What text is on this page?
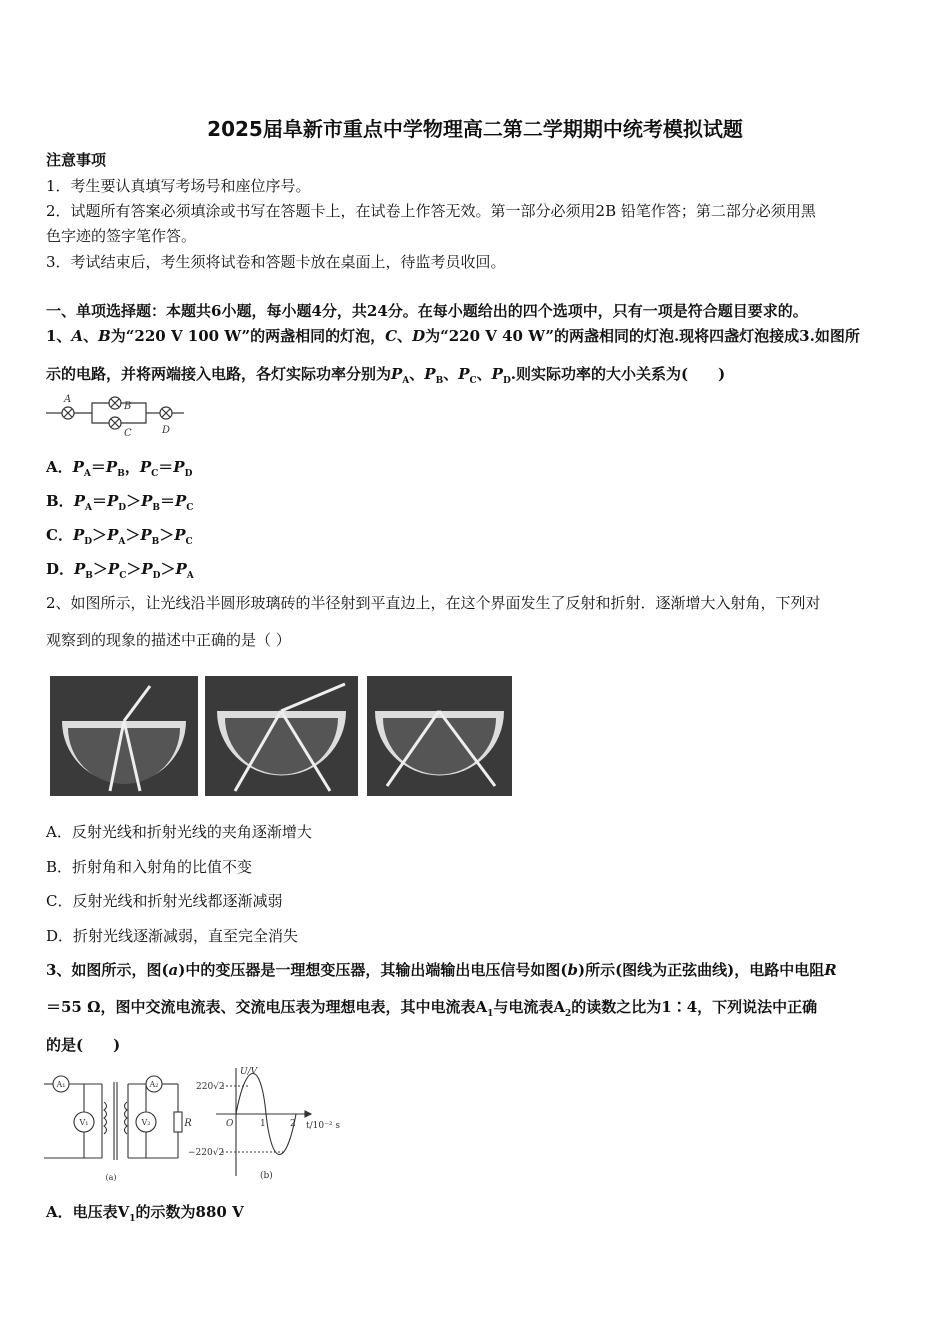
2025届阜新市重点中学物理高二第二学期期中统考模拟试题
注意事项
1．考生要认真填写考场号和座位序号。
2．试题所有答案必须填涂或书写在答题卡上，在试卷上作答无效。第一部分必须用2B 铅笔作答；第二部分必须用黑
色字迹的签字笔作答。
3．考试结束后，考生须将试卷和答题卡放在桌面上，待监考员收回。
一、单项选择题：本题共6小题，每小题4分，共24分。在每小题给出的四个选项中，只有一项是符合题目要求的。
1、A、B为“220 V 100 W”的两盏相同的灯泡，C、D为“220 V 40 W”的两盏相同的灯泡.现将四盏灯泡接成3.如图所
示的电路，并将两端接入电路，各灯实际功率分别为$P_A$、$P_B$、$P_C$、$P_D$.则实际功率的大小关系为(　　)
A
B
C	D
A．$P_A=P_B$，$P_C=P_D$
B．$P_A=P_D>P_B=P_C$
C．$P_D>P_A>P_B>P_C$
D．$P_B>P_C>P_D>P_A$
2、如图所示，让光线沿半圆形玻璃砖的半径射到平直边上，在这个界面发生了反射和折射．逐渐增大入射角，下列对
观察到的现象的描述中正确的是（ ）
A．反射光线和折射光线的夹角逐渐增大
B．折射角和入射角的比值不变
C．反射光线和折射光线都逐渐减弱
D．折射光线逐渐减弱，直至完全消失
3、如图所示，图(a)中的变压器是一理想变压器，其输出端输出电压信号如图(b)所示(图线为正弦曲线)，电路中电阻R
＝55 Ω，图中交流电流表、交流电压表为理想电表，其中电流表$A_1$与电流表$A_2$的读数之比为1∶4，下列说法中正确
的是(　　)
A₁	A₂
V₁	V₂	R
(a)
U/V
220√2
−220√2
O	1	2 t/10⁻² s
(b)
A．电压表$V_1$的示数为880 V
